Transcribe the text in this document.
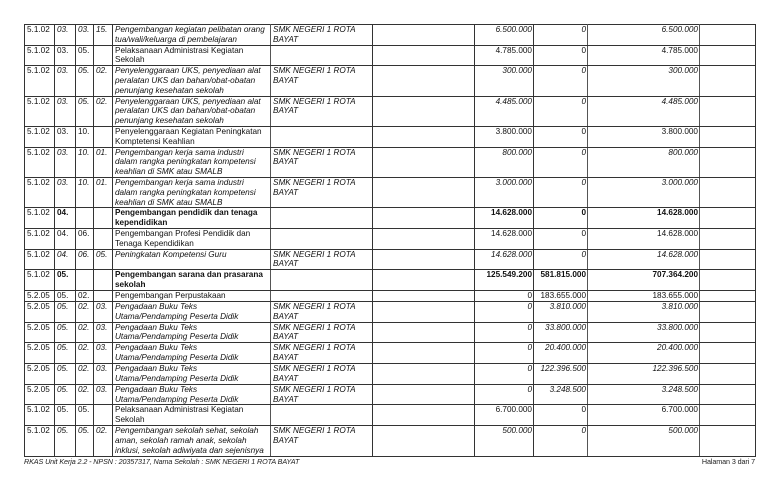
5.1.02	03.	03.	15.	Pengembangan kegiatan pelibatan orang tua/wali/keluarga di pembelajaran	SMK NEGERI 1 ROTA BAYAT		6.500.000	0	6.500.000	
5.1.02	03.	05.		Pelaksanaan Administrasi Kegiatan Sekolah			4.785.000	0	4.785.000	
5.1.02	03.	05.	02.	Penyelenggaraan UKS, penyediaan alat peralatan UKS dan bahan/obat-obatan penunjang kesehatan sekolah	SMK NEGERI 1 ROTA BAYAT		300.000	0	300.000	
5.1.02	03.	05.	02.	Penyelenggaraan UKS, penyediaan alat peralatan UKS dan bahan/obat-obatan penunjang kesehatan sekolah	SMK NEGERI 1 ROTA BAYAT		4.485.000	0	4.485.000	
5.1.02	03.	10.		Penyelenggaraan Kegiatan Peningkatan Komptetensi Keahlian			3.800.000	0	3.800.000	
5.1.02	03.	10.	01.	Pengembangan kerja sama industri dalam rangka peningkatan kompetensi keahlian di SMK atau SMALB	SMK NEGERI 1 ROTA BAYAT		800.000	0	800.000	
5.1.02	03.	10.	01.	Pengembangan kerja sama industri dalam rangka peningkatan kompetensi keahlian di SMK atau SMALB	SMK NEGERI 1 ROTA BAYAT		3.000.000	0	3.000.000	
5.1.02	04.			Pengembangan pendidik dan tenaga kependidikan			14.628.000	0	14.628.000	
5.1.02	04.	06.		Pengembangan Profesi Pendidik dan Tenaga Kependidikan			14.628.000	0	14.628.000	
5.1.02	04.	06.	05.	Peningkatan Kompetensi Guru	SMK NEGERI 1 ROTA BAYAT		14.628.000	0	14.628.000	
5.1.02	05.			Pengembangan sarana dan prasarana sekolah			125.549.200	581.815.000	707.364.200	
5.2.05	05.	02.		Pengembangan Perpustakaan			0	183.655.000	183.655.000	
5.2.05	05.	02.	03.	Pengadaan Buku Teks Utama/Pendamping Peserta Didik	SMK NEGERI 1 ROTA BAYAT		0	3.810.000	3.810.000	
5.2.05	05.	02.	03.	Pengadaan Buku Teks Utama/Pendamping Peserta Didik	SMK NEGERI 1 ROTA BAYAT		0	33.800.000	33.800.000	
5.2.05	05.	02.	03.	Pengadaan Buku Teks Utama/Pendamping Peserta Didik	SMK NEGERI 1 ROTA BAYAT		0	20.400.000	20.400.000	
5.2.05	05.	02.	03.	Pengadaan Buku Teks Utama/Pendamping Peserta Didik	SMK NEGERI 1 ROTA BAYAT		0	122.396.500	122.396.500	
5.2.05	05.	02.	03.	Pengadaan Buku Teks Utama/Pendamping Peserta Didik	SMK NEGERI 1 ROTA BAYAT		0	3.248.500	3.248.500	
5.1.02	05.	05.		Pelaksanaan Administrasi Kegiatan Sekolah			6.700.000	0	6.700.000	
5.1.02	05.	05.	02.	Pengembangan sekolah sehat, sekolah aman, sekolah ramah anak, sekolah inklusi, sekolah adiwiyata dan sejenisnya	SMK NEGERI 1 ROTA BAYAT		500.000	0	500.000	
RKAS Unit Kerja 2.2 - NPSN : 20357317, Nama Sekolah : SMK NEGERI 1 ROTA BAYAT	Halaman 3 dari 7
